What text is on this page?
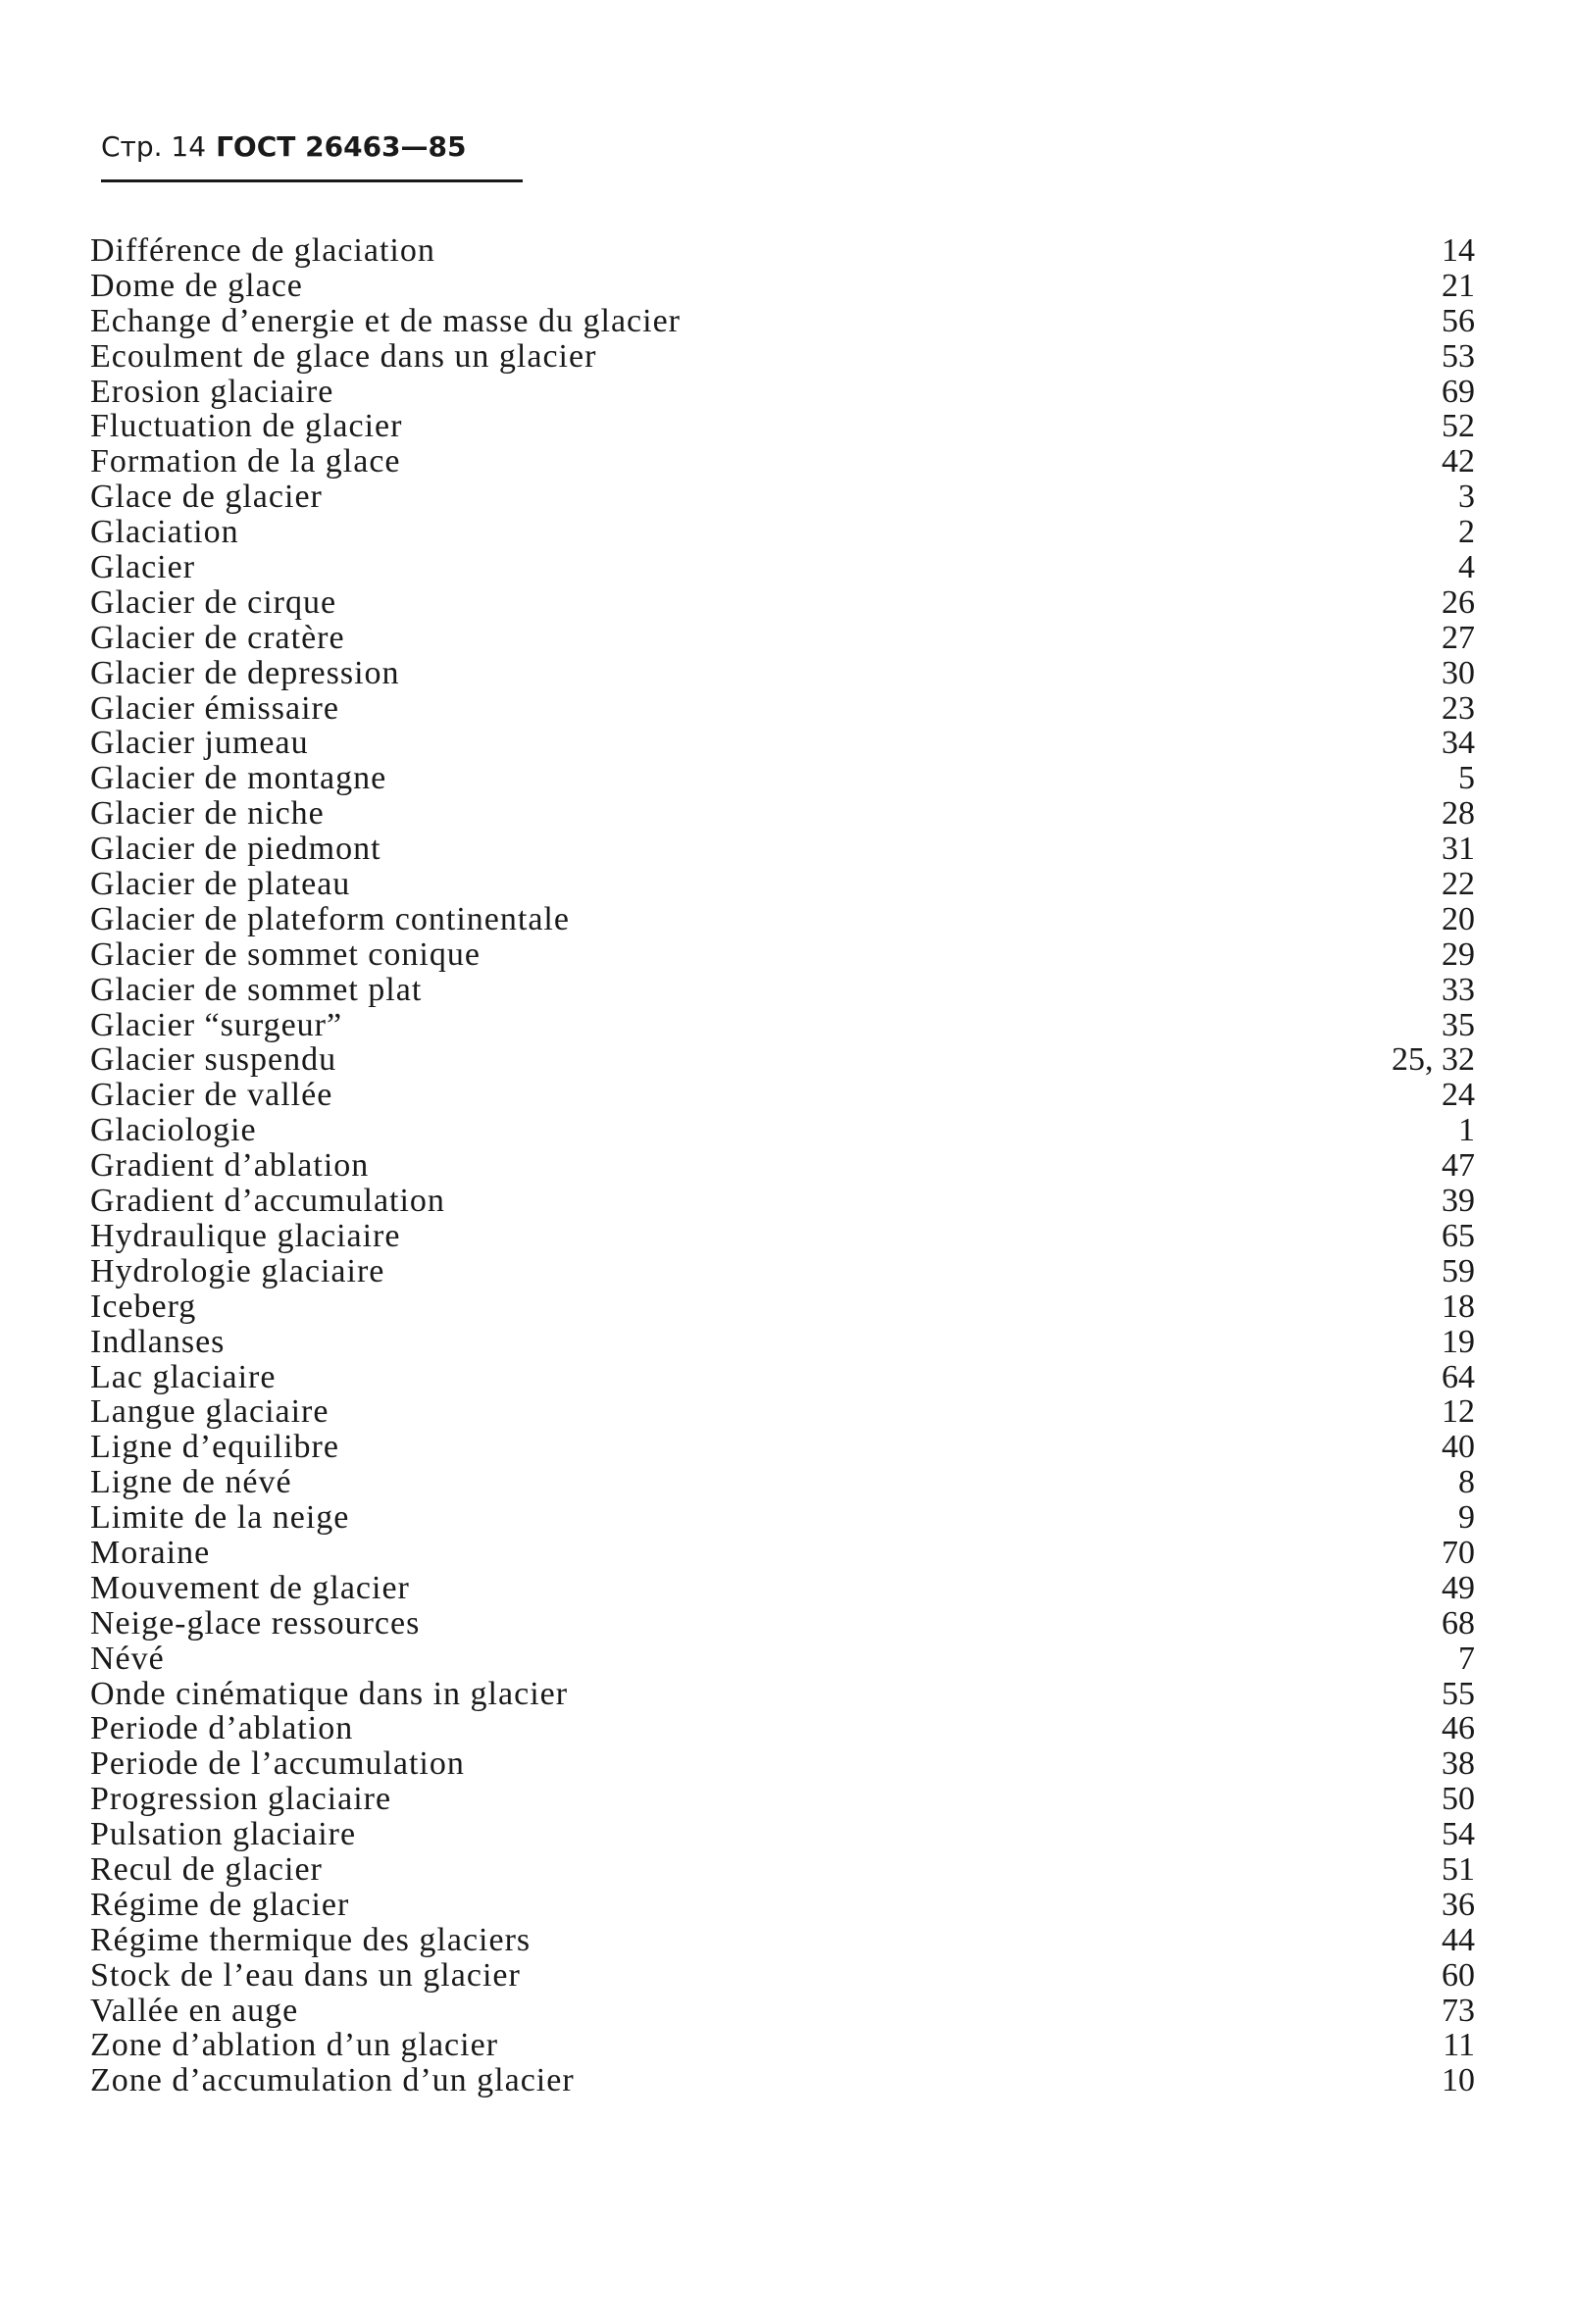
Стр. 14 ГОСТ 26463—85
Différence de glaciation	14
Dome de glace	21
Echange d’energie et de masse du glacier	56
Ecoulment de glace dans un glacier	53
Erosion glaciaire	69
Fluctuation de glacier	52
Formation de la glace	42
Glace de glacier	3
Glaciation	2
Glacier	4
Glacier de cirque	26
Glacier de cratère	27
Glacier de depression	30
Glacier émissaire	23
Glacier jumeau	34
Glacier de montagne	5
Glacier de niche	28
Glacier de piedmont	31
Glacier de plateau	22
Glacier de plateform continentale	20
Glacier de sommet conique	29
Glacier de sommet plat	33
Glacier “surgeur”	35
Glacier suspendu	25, 32
Glacier de vallée	24
Glaciologie	1
Gradient d’ablation	47
Gradient d’accumulation	39
Hydraulique glaciaire	65
Hydrologie glaciaire	59
Iceberg	18
Indlanses	19
Lac glaciaire	64
Langue glaciaire	12
Ligne d’equilibre	40
Ligne de névé	8
Limite de la neige	9
Moraine	70
Mouvement de glacier	49
Neige-glace ressources	68
Névé	7
Onde cinématique dans in glacier	55
Periode d’ablation	46
Periode de l’accumulation	38
Progression glaciaire	50
Pulsation glaciaire	54
Recul de glacier	51
Régime de glacier	36
Régime thermique des glaciers	44
Stock de l’eau dans un glacier	60
Vallée en auge	73
Zone d’ablation d’un glacier	11
Zone d’accumulation d’un glacier	10
